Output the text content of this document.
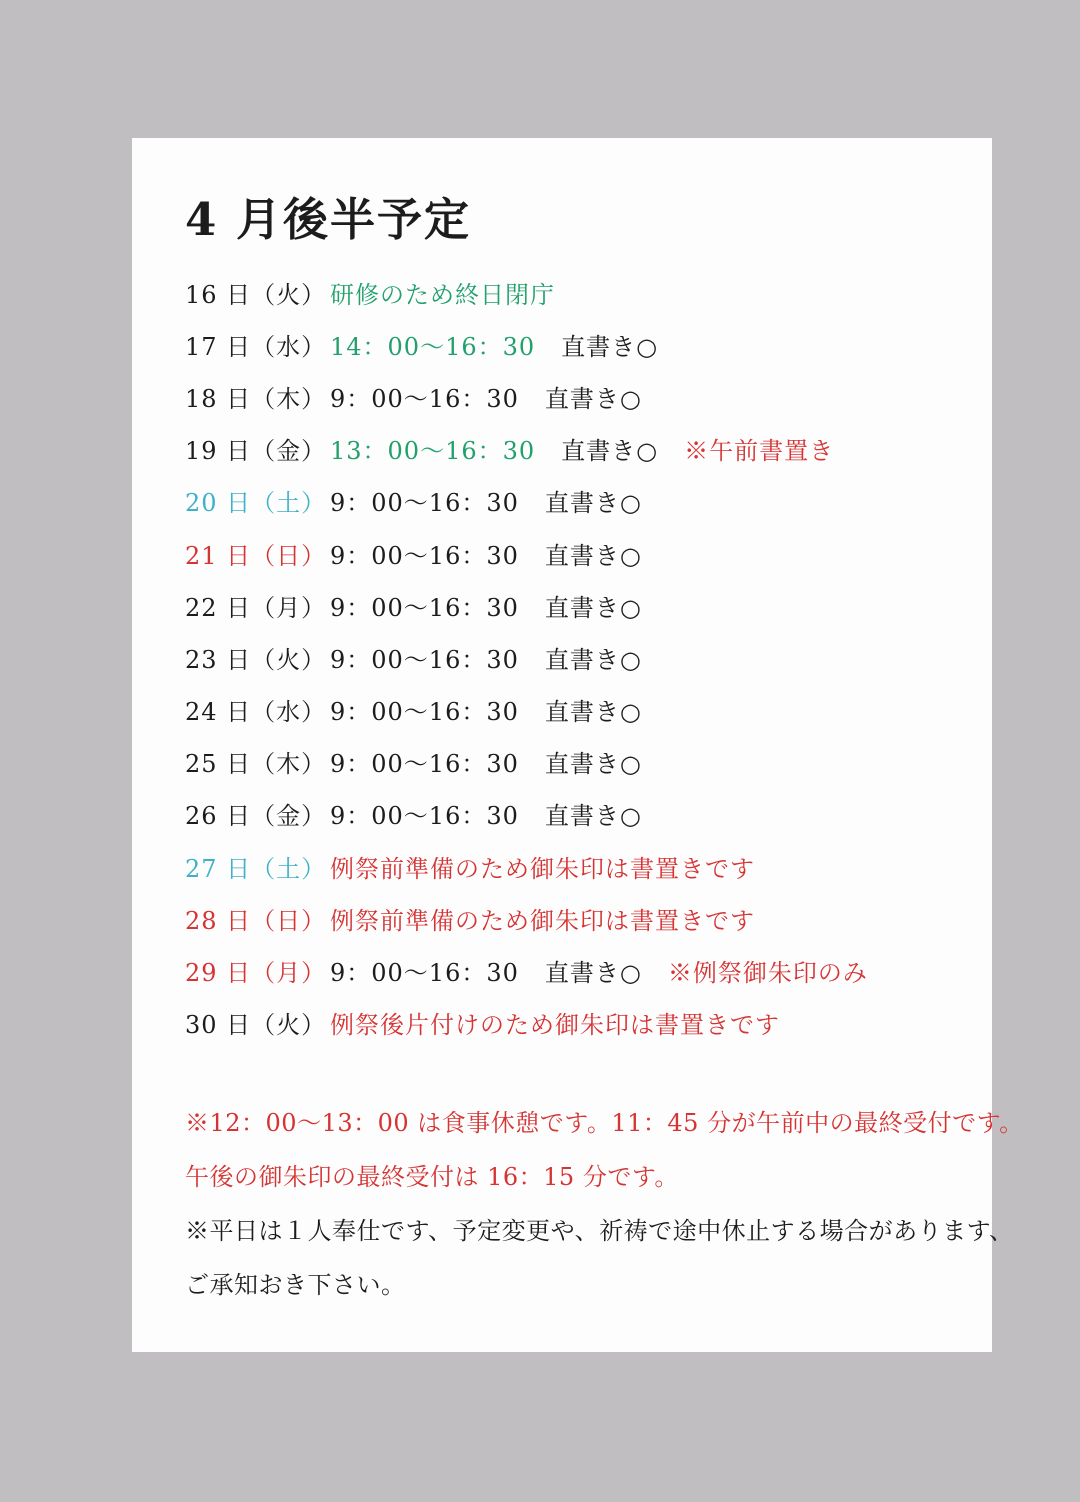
4 月後半予定
16 日（火） 研修のため終日閉庁
17 日（水） 14：00～16：30 直書き○
18 日（木） 9：00～16：30 直書き○
19 日（金） 13：00～16：30 直書き○ ※午前書置き
20 日（土） 9：00～16：30 直書き○
21 日（日） 9：00～16：30 直書き○
22 日（月） 9：00～16：30 直書き○
23 日（火） 9：00～16：30 直書き○
24 日（水） 9：00～16：30 直書き○
25 日（木） 9：00～16：30 直書き○
26 日（金） 9：00～16：30 直書き○
27 日（土） 例祭前準備のため御朱印は書置きです
28 日（日） 例祭前準備のため御朱印は書置きです
29 日（月） 9：00～16：30 直書き○ ※例祭御朱印のみ
30 日（火） 例祭後片付けのため御朱印は書置きです
※12：00～13：00 は食事休憩です。11：45 分が午前中の最終受付です。
午後の御朱印の最終受付は 16：15 分です。
※平日は１人奉仕です、予定変更や、祈祷で途中休止する場合があります、
ご承知おき下さい。
